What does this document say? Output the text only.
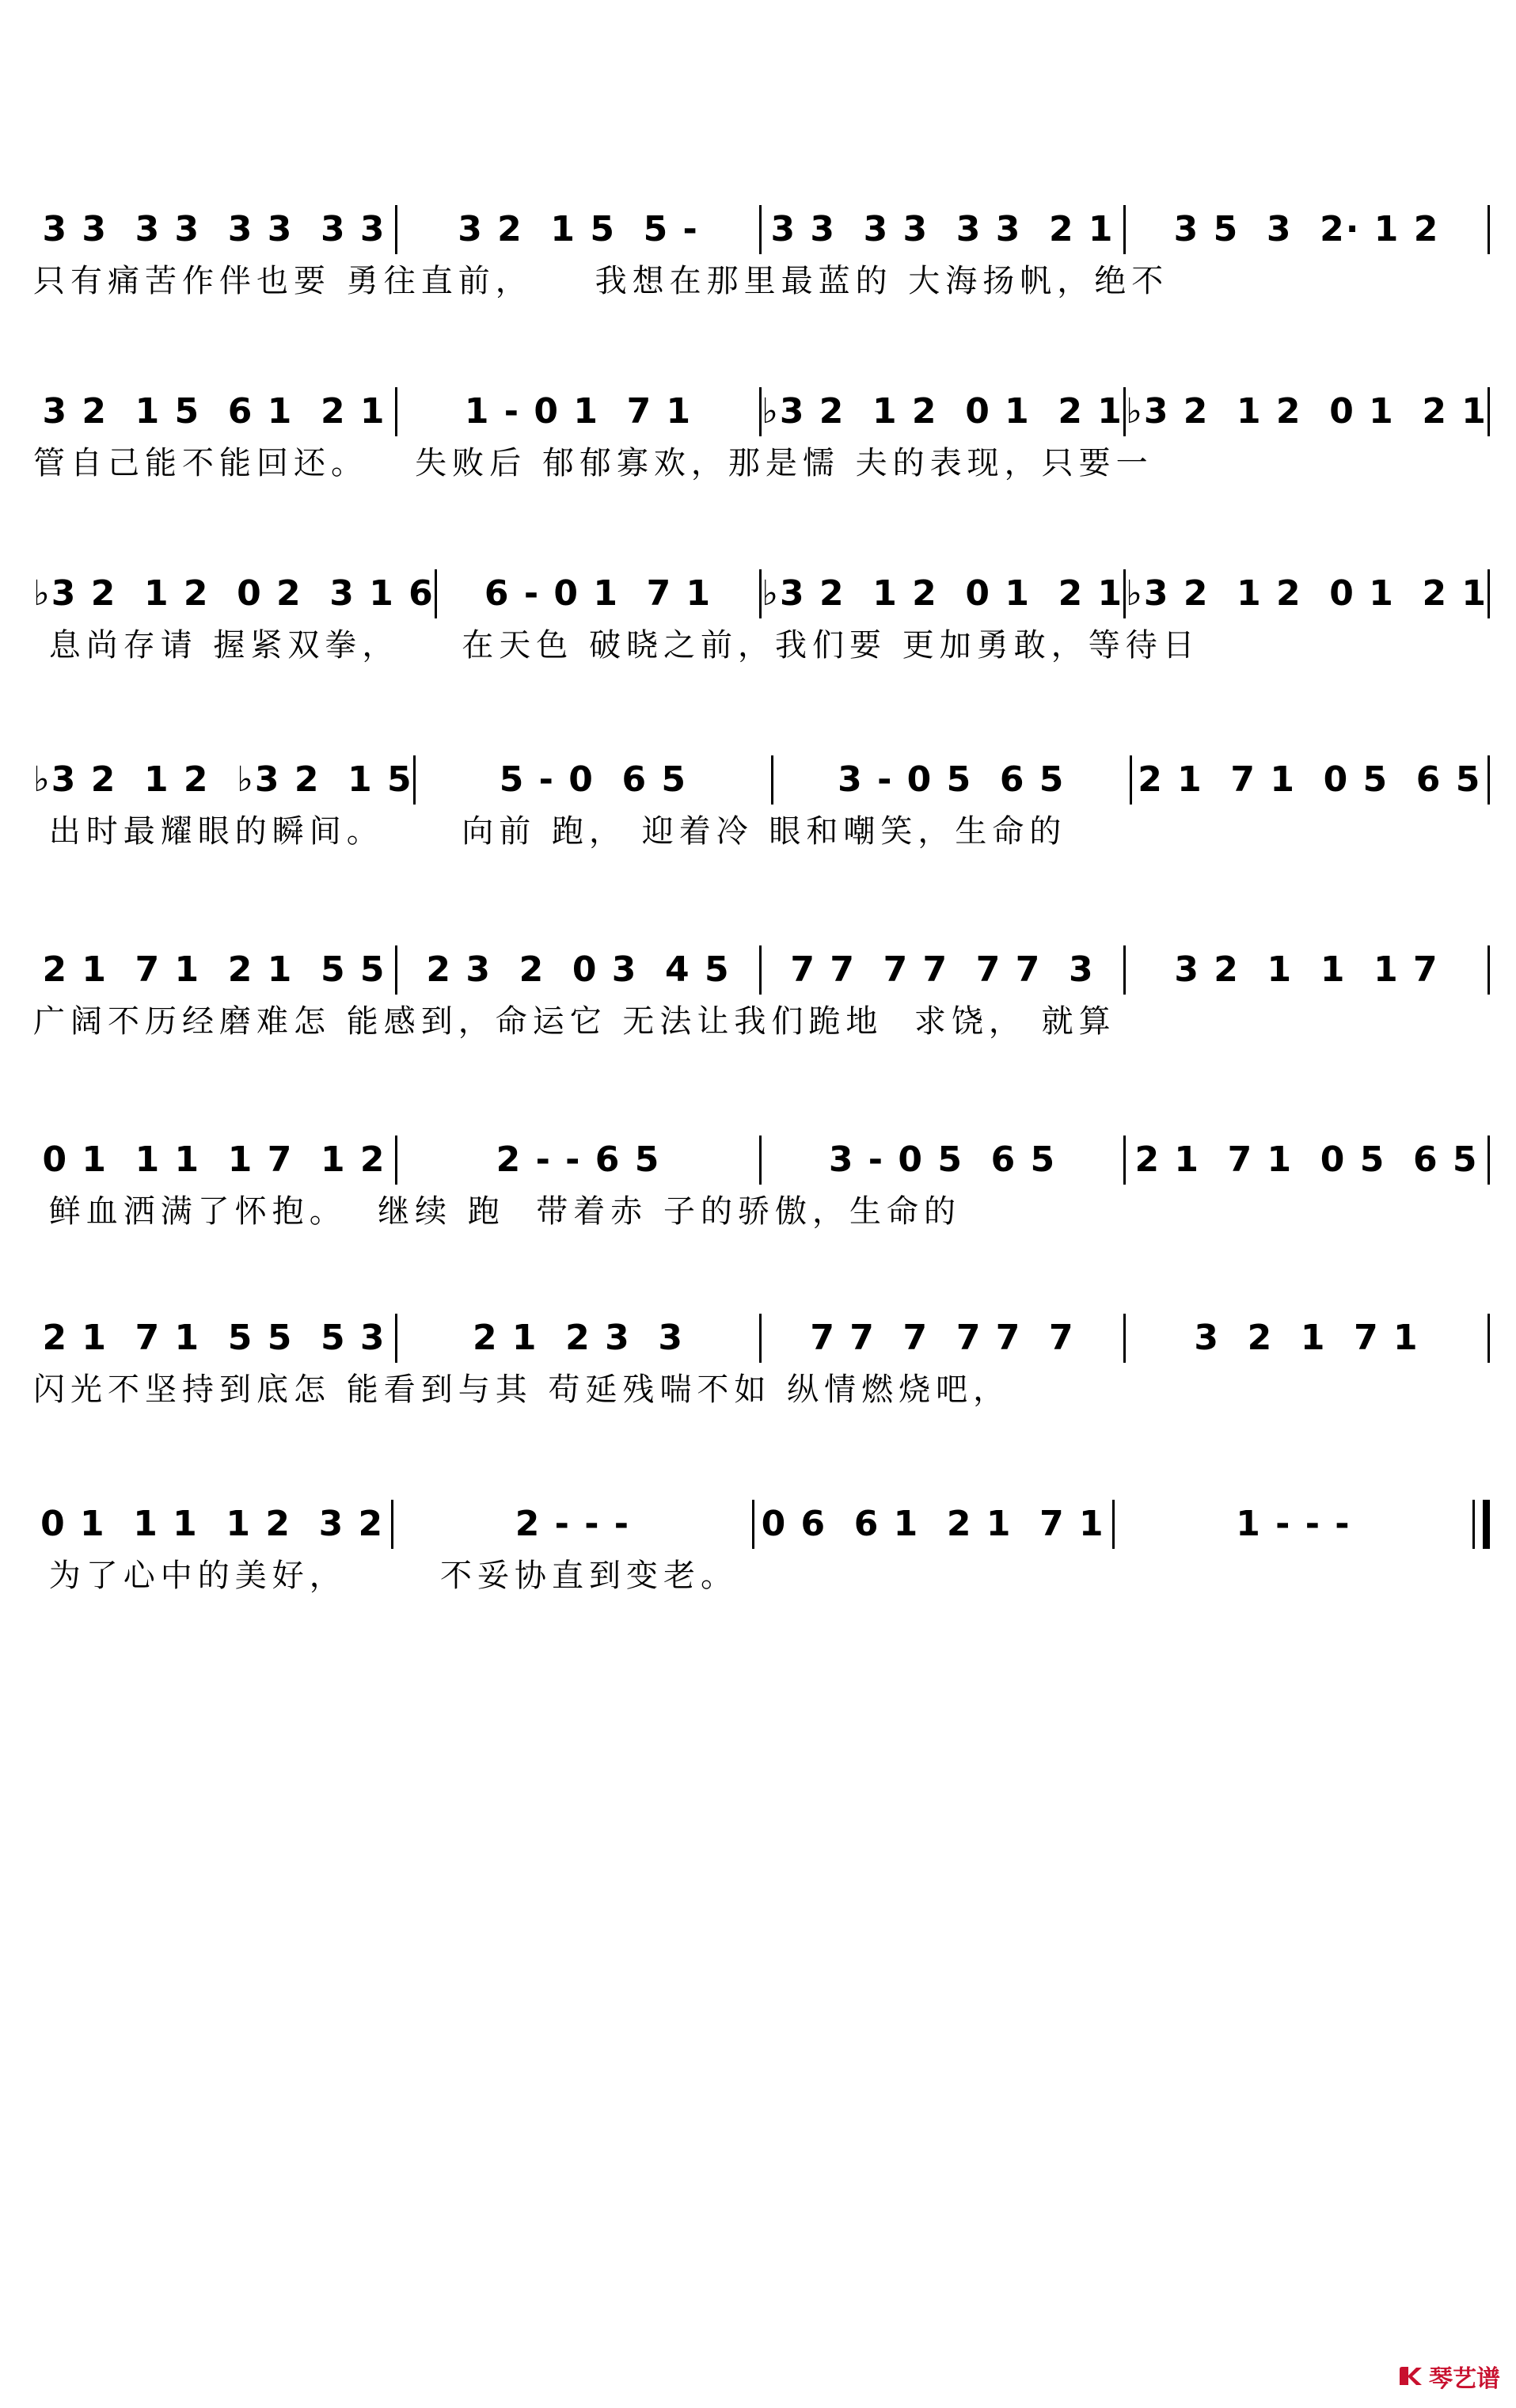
3 3  3 3  3 3  3 3	3 2  1 5  5 -	3 3  3 3  3 3  2 1	3 5  3  2· 1 2
只有痛苦作伴也要 勇往直前，    我想在那里最蓝的 大海扬帆，绝不
3 2  1 5  6 1  2 1	1 - 0 1  7 1	♭3 2  1 2  0 1  2 1 ♭3 2  1 2  0 1  2 1
管自己能不能回还。   失败后 郁郁寡欢，那是懦 夫的表现，只要一
♭3 2  1 2  0 2  3 1 6	6 - 0 1  7 1	♭3 2  1 2  0 1  2 1 ♭3 2  1 2  0 1  2 1
息尚存请 握紧双拳，    在天色 破晓之前，我们要 更加勇敢，等待日
♭3 2  1 2  ♭3 2  1 5	5 - 0  6 5	3 - 0 5  6 5	2 1  7 1  0 5  6 5
出时最耀眼的瞬间。     向前 跑， 迎着冷 眼和嘲笑，生命的
2 1  7 1  2 1  5 5	2 3  2  0 3  4 5	7 7  7 7  7 7  3	3 2  1  1  1 7
广阔不历经磨难怎 能感到，命运它 无法让我们跪地  求饶， 就算
0 1  1 1  1 7  1 2	2 - - 6 5	3 - 0 5  6 5	2 1  7 1  0 5  6 5
鲜血洒满了怀抱。  继续 跑  带着赤 子的骄傲，生命的
2 1  7 1  5 5  5 3	2 1  2 3  3	7 7  7  7 7  7	3  2  1  7 1
闪光不坚持到底怎 能看到与其 苟延残喘不如 纵情燃烧吧，
0 1  1 1  1 2  3 2	2 - - -	0 6  6 1  2 1  7 1	1 - - -
为了心中的美好，      不妥协直到变老。
琴艺谱
